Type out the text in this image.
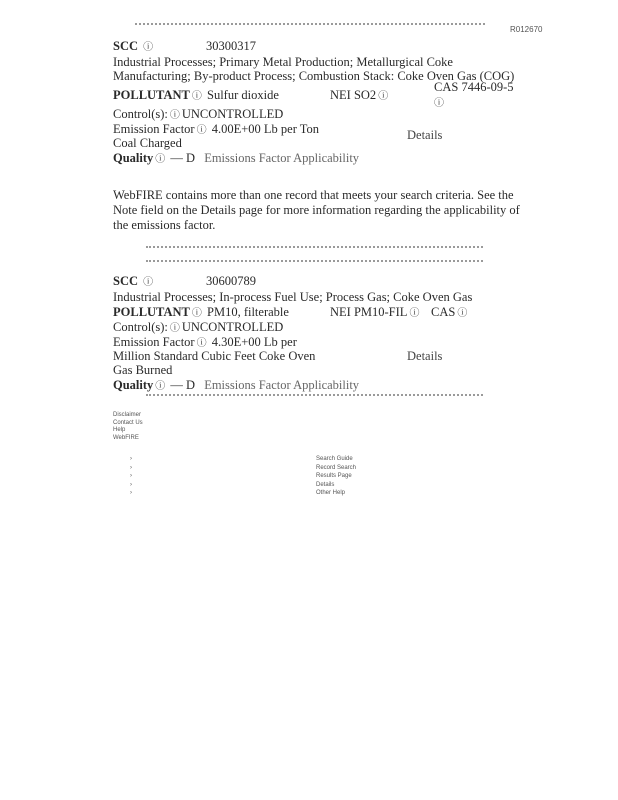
R012670
SCC ⓘ	30300317
Industrial Processes; Primary Metal Production; Metallurgical Coke
Manufacturing; By-product Process; Combustion Stack: Coke Oven Gas (COG)
POLLUTANT ⓘ Sulfur dioxide	NEI SO2 ⓘ
CAS 7446-09-5
ⓘ
Control(s): ⓘ UNCONTROLLED
Emission Factor ⓘ 4.00E+00 Lb per Ton
Coal Charged
Details
Quality ⓘ — D Emissions Factor Applicability
WebFIRE contains more than one record that meets your search criteria. See the
Note field on the Details page for more information regarding the applicability of
the emissions factor.
SCC ⓘ	30600789
Industrial Processes; In-process Fuel Use; Process Gas; Coke Oven Gas
POLLUTANT ⓘ PM10, filterable	NEI PM10-FIL ⓘ CAS ⓘ
Control(s): ⓘ UNCONTROLLED
Emission Factor ⓘ 4.30E+00 Lb per
Million Standard Cubic Feet Coke Oven
Gas Burned
Details
Quality ⓘ — D Emissions Factor Applicability
Disclaimer
Contact Us
Help
WebFIRE
›	Search Guide
›	Record Search
›	Results Page
›	Details
›	Other Help
